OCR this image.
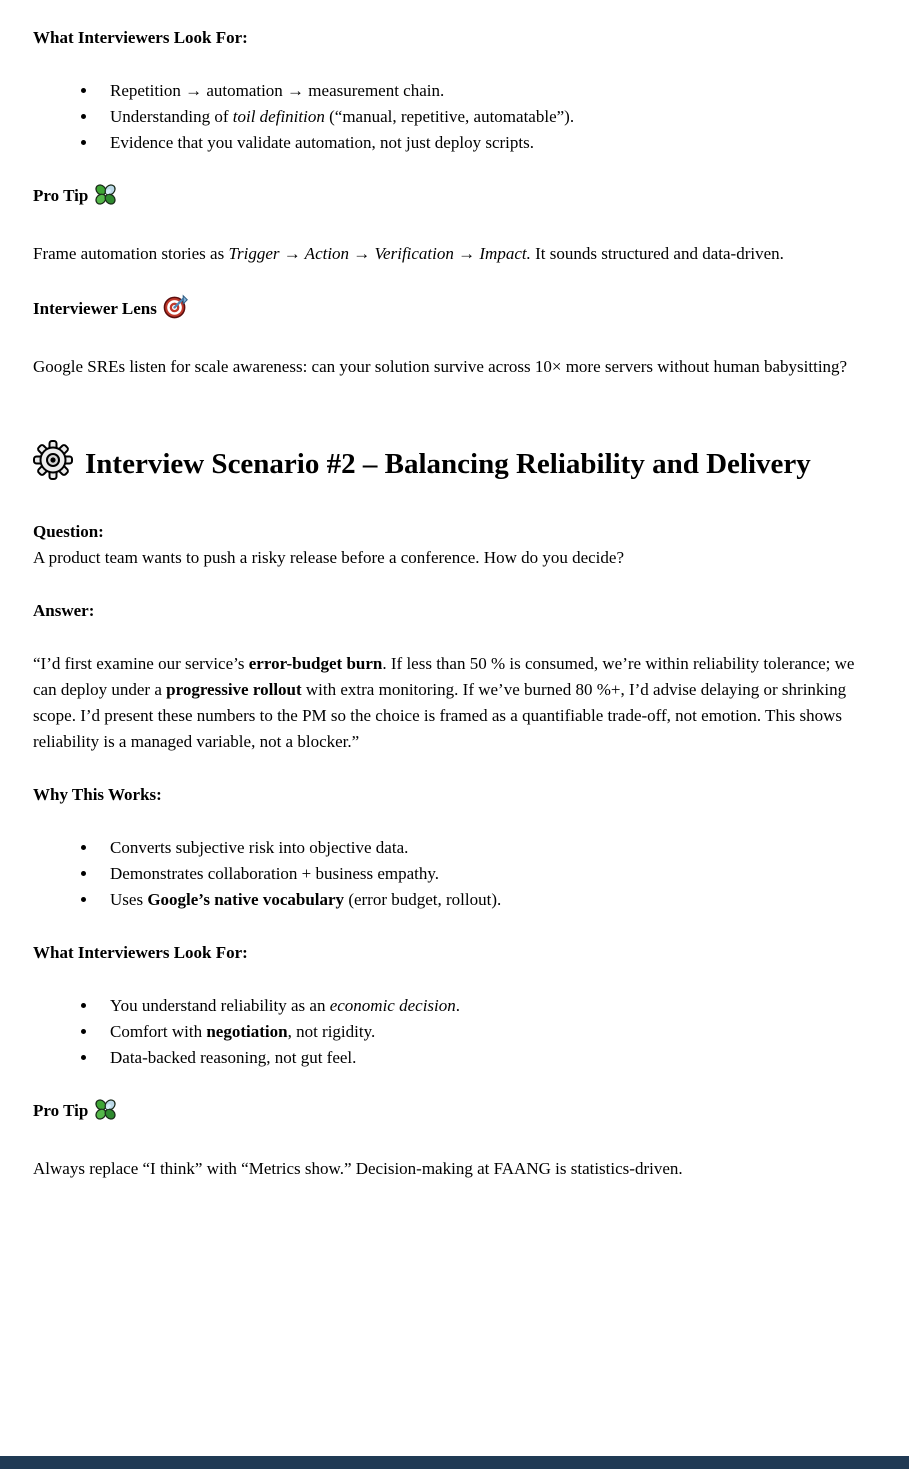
What Interviewers Look For:
• Repetition → automation → measurement chain.
• Understanding of toil definition (“manual, repetitive, automatable”).
• Evidence that you validate automation, not just deploy scripts.
Pro Tip

Frame automation stories as Trigger → Action → Verification → Impact. It sounds structured and data-driven.

Interviewer Lens

Google SREs listen for scale awareness: can your solution survive across 10× more servers without human babysitting?

Interview Scenario #2 – Balancing Reliability and Delivery

Question:
A product team wants to push a risky release before a conference. How do you decide?

Answer:

“I’d first examine our service’s error-budget burn. If less than 50 % is consumed, we’re within reliability tolerance; we can deploy under a progressive rollout with extra monitoring. If we’ve burned 80 %+, I’d advise delaying or shrinking scope. I’d present these numbers to the PM so the choice is framed as a quantifiable trade-off, not emotion. This shows reliability is a managed variable, not a blocker.”

Why This Works:
• Converts subjective risk into objective data.
• Demonstrates collaboration + business empathy.
• Uses Google’s native vocabulary (error budget, rollout).
What Interviewers Look For:
• You understand reliability as an economic decision.
• Comfort with negotiation, not rigidity.
• Data-backed reasoning, not gut feel.
Pro Tip

Always replace “I think” with “Metrics show.” Decision-making at FAANG is statistics-driven.
